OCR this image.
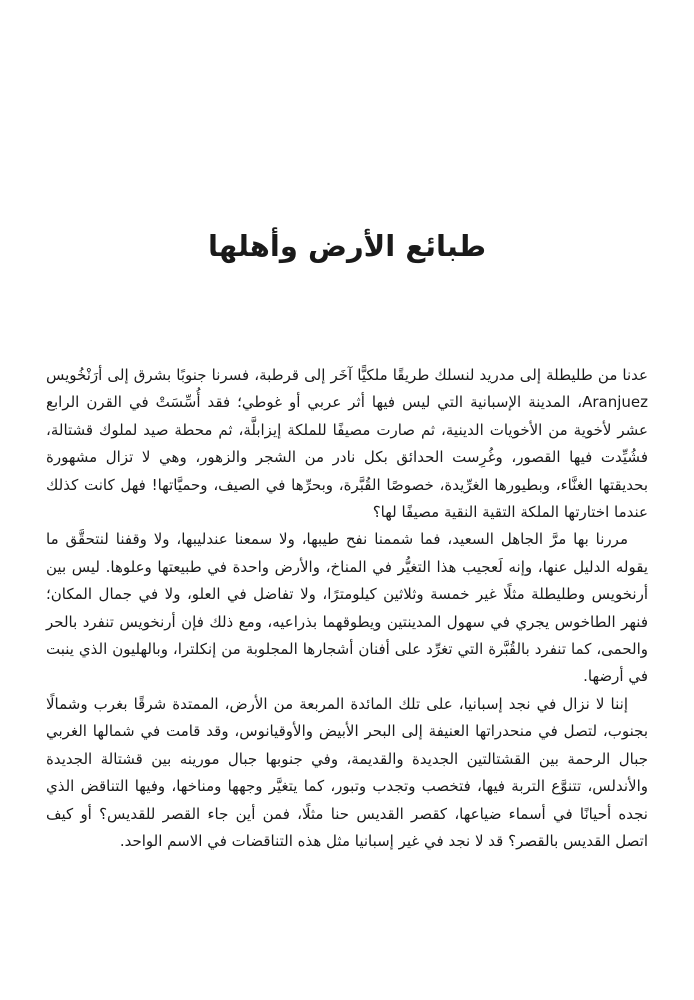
طبائع الأرض وأهلها

عدنا من طليطلة إلى مدريد لنسلك طريقًا ملكيًّا آخَر إلى قرطبة، فسرنا جنوبًا بشرق إلى أرَنْخُويس Aranjuez، المدينة الإسبانية التي ليس فيها أثر عربي أو غوطي؛ فقد أُسِّسَتْ في القرن الرابع عشر لأخوية من الأخويات الدينية، ثم صارت مصيفًا للملكة إيزابلَّة، ثم محطة صيد لملوك قشتالة، فشُيِّدت فيها القصور، وغُرِست الحدائق بكل نادر من الشجر والزهور، وهي لا تزال مشهورة بحديقتها الغنَّاء، وبطيورها الغرِّيدة، خصوصًا القُبَّرة، وبحرِّها في الصيف، وحميَّاتها! فهل كانت كذلك عندما اختارتها الملكة التقية النقية مصيفًا لها؟

مررنا بها مرَّ الجاهل السعيد، فما شممنا نفح طيبها، ولا سمعنا عندليبها، ولا وقفنا لنتحقَّق ما يقوله الدليل عنها، وإنه لَعجيب هذا التغيُّر في المناخ، والأرض واحدة في طبيعتها وعلوها. ليس بين أرنخويس وطليطلة مثلًا غير خمسة وثلاثين كيلومترًا، ولا تفاضل في العلو، ولا في جمال المكان؛ فنهر الطاخوس يجري في سهول المدينتين ويطوقهما بذراعيه، ومع ذلك فإن أرنخويس تنفرد بالحر والحمى، كما تنفرد بالقُبَّرة التي تغرِّد على أفنان أشجارها المجلوبة من إنكلترا، وبالهليون الذي ينبت في أرضها.

إننا لا نزال في نجد إسبانيا، على تلك المائدة المربعة من الأرض، الممتدة شرقًا بغرب وشمالًا بجنوب، لتصل في منحدراتها العنيفة إلى البحر الأبيض والأوقيانوس، وقد قامت في شمالها الغربي جبال الرحمة بين القشتالتين الجديدة والقديمة، وفي جنوبها جبال مورينه بين قشتالة الجديدة والأندلس، تتنوَّع التربة فيها، فتخصب وتجدب وتبور، كما يتغيَّر وجهها ومناخها، وفيها التناقض الذي نجده أحيانًا في أسماء ضياعها، كقصر القديس حنا مثلًا، فمن أين جاء القصر للقديس؟ أو كيف اتصل القديس بالقصر؟ قد لا نجد في غير إسبانيا مثل هذه التناقضات في الاسم الواحد.
